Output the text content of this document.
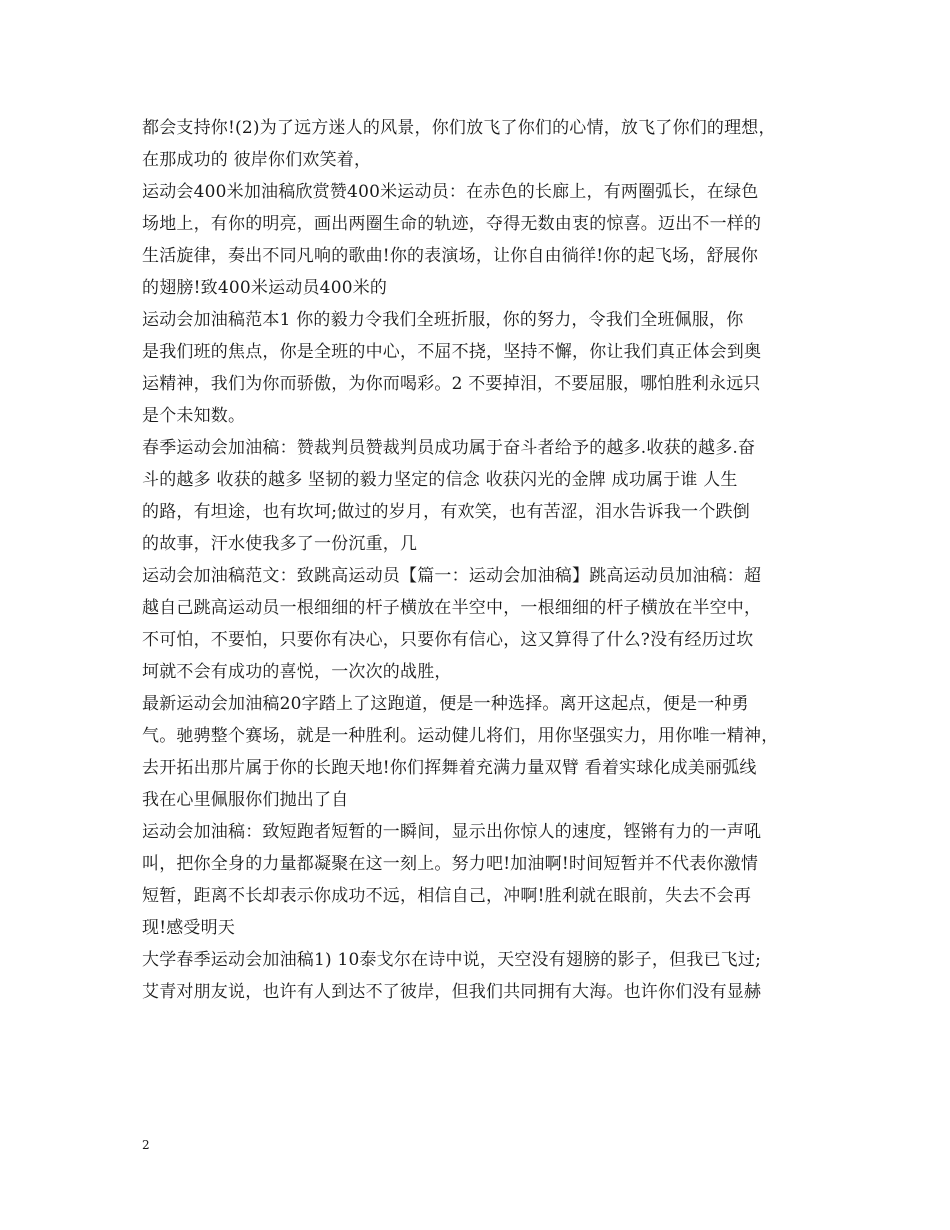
都会支持你!(2)为了远方迷人的风景，你们放飞了你们的心情，放飞了你们的理想，
在那成功的 彼岸你们欢笑着，
运动会400米加油稿欣赏赞400米运动员：在赤色的长廊上，有两圈弧长，在绿色
场地上，有你的明亮，画出两圈生命的轨迹，夺得无数由衷的惊喜。迈出不一样的
生活旋律，奏出不同凡响的歌曲!你的表演场，让你自由徜徉!你的起飞场，舒展你
的翅膀!致400米运动员400米的
运动会加油稿范本1 你的毅力令我们全班折服，你的努力，令我们全班佩服，你
是我们班的焦点，你是全班的中心，不屈不挠，坚持不懈，你让我们真正体会到奥
运精神，我们为你而骄傲，为你而喝彩。2 不要掉泪，不要屈服，哪怕胜利永远只
是个未知数。
春季运动会加油稿：赞裁判员赞裁判员成功属于奋斗者给予的越多.收获的越多.奋
斗的越多 收获的越多 坚韧的毅力坚定的信念 收获闪光的金牌 成功属于谁 人生
的路，有坦途，也有坎坷;做过的岁月，有欢笑，也有苦涩，泪水告诉我一个跌倒
的故事，汗水使我多了一份沉重，几
运动会加油稿范文：致跳高运动员【篇一：运动会加油稿】跳高运动员加油稿：超
越自己跳高运动员一根细细的杆子横放在半空中，一根细细的杆子横放在半空中，
不可怕，不要怕，只要你有决心，只要你有信心，这又算得了什么?没有经历过坎
坷就不会有成功的喜悦，一次次的战胜，
最新运动会加油稿20字踏上了这跑道，便是一种选择。离开这起点，便是一种勇
气。驰骋整个赛场，就是一种胜利。运动健儿将们，用你坚强实力，用你唯一精神，
去开拓出那片属于你的长跑天地!你们挥舞着充满力量双臂 看着实球化成美丽弧线
我在心里佩服你们抛出了自
运动会加油稿：致短跑者短暂的一瞬间，显示出你惊人的速度，铿锵有力的一声吼
叫，把你全身的力量都凝聚在这一刻上。努力吧!加油啊!时间短暂并不代表你激情
短暂，距离不长却表示你成功不远，相信自己，冲啊!胜利就在眼前，失去不会再
现!感受明天
大学春季运动会加油稿1) 10泰戈尔在诗中说，天空没有翅膀的影子，但我已飞过;
艾青对朋友说，也许有人到达不了彼岸，但我们共同拥有大海。也许你们没有显赫
2
